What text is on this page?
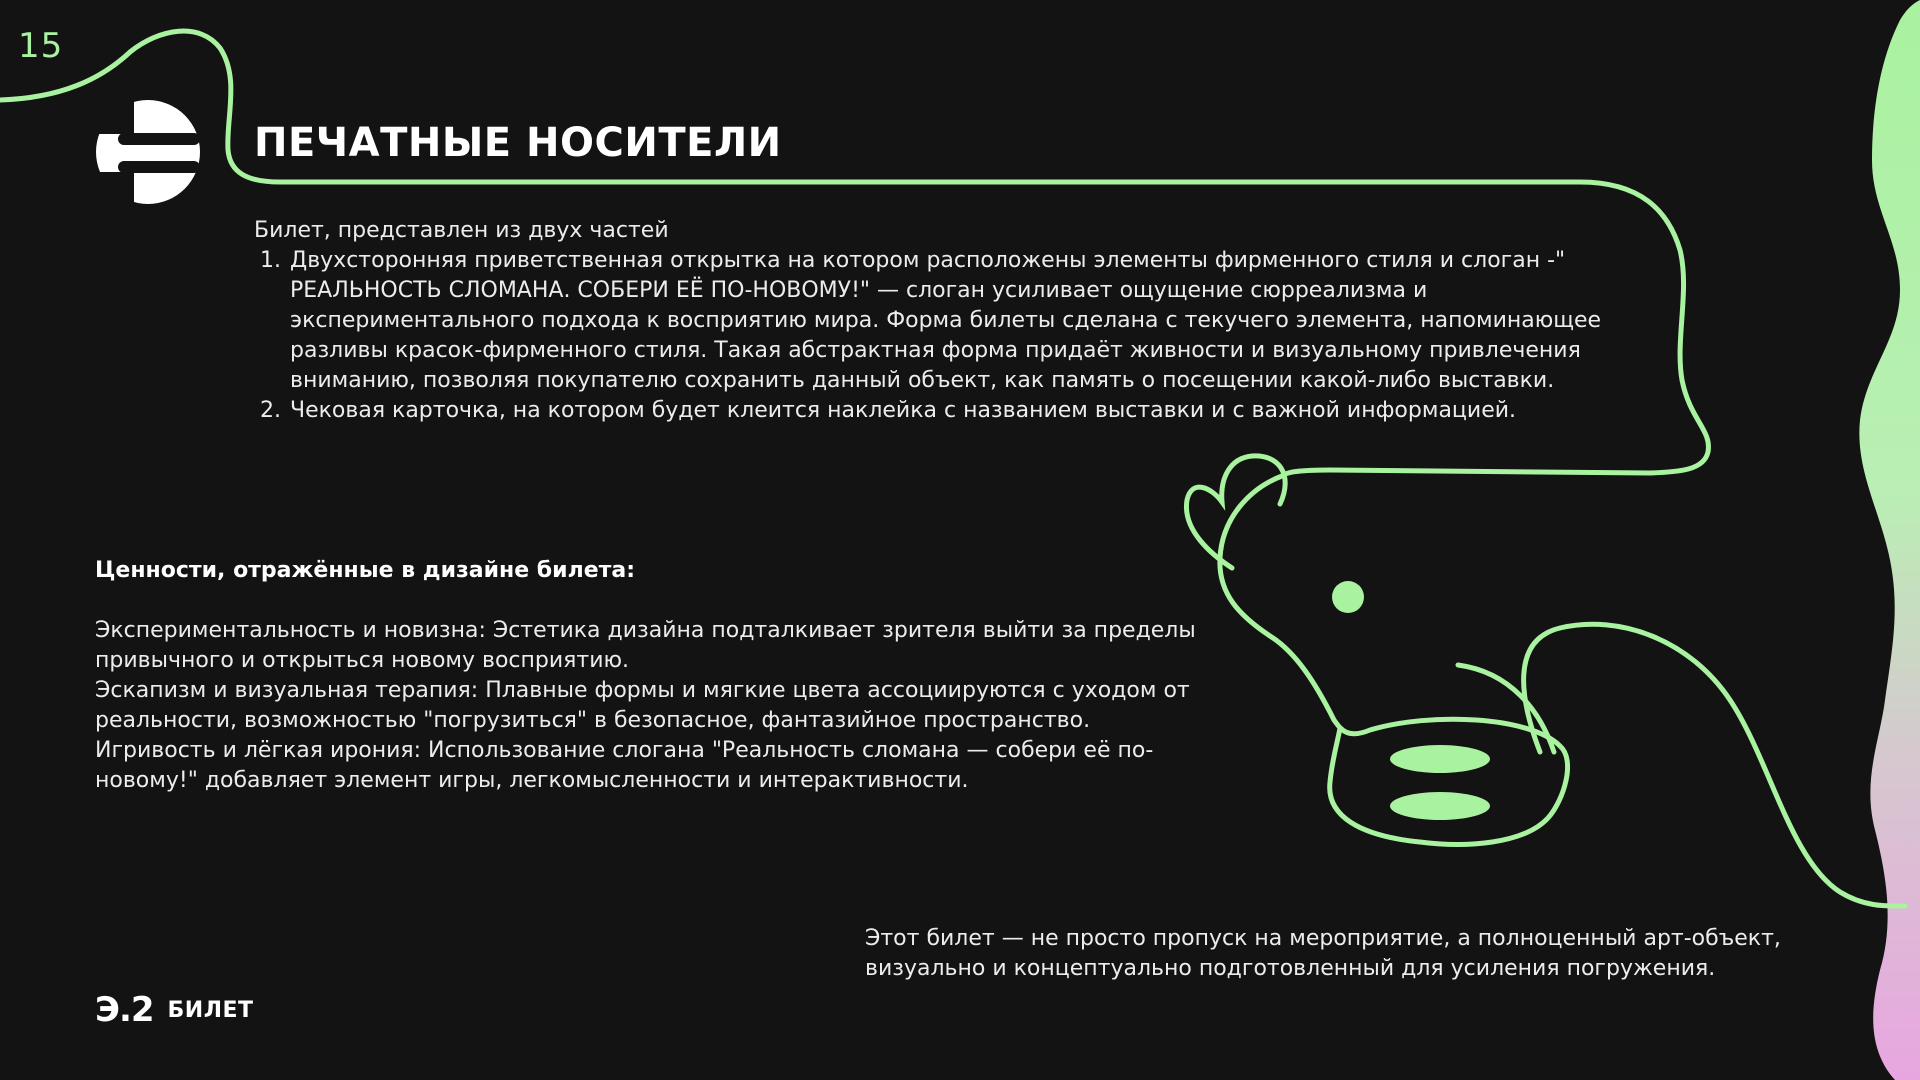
15
ПЕЧАТНЫЕ НОСИТЕЛИ
Билет, представлен из двух частей
1. Двухсторонняя приветственная открытка на котором расположены элементы фирменного стиля и слоган -" РЕАЛЬНОСТЬ СЛОМАНА. СОБЕРИ ЕЁ ПО-НОВОМУ!" — слоган усиливает ощущение сюрреализма и экспериментального подхода к восприятию мира. Форма билеты сделана с текучего элемента, напоминающее разливы красок-фирменного стиля. Такая абстрактная форма придаёт живности и визуальному привлечения вниманию, позволяя покупателю сохранить данный объект, как память о посещении какой-либо выставки.
2. Чековая карточка, на котором будет клеится наклейка с названием выставки и с важной информацией.
Ценности, отражённые в дизайне билета:

Экспериментальность и новизна: Эстетика дизайна подталкивает зрителя выйти за пределы привычного и открыться новому восприятию.

Эскапизм и визуальная терапия: Плавные формы и мягкие цвета ассоциируются с уходом от реальности, возможностью "погрузиться" в безопасное, фантазийное пространство.

Игривость и лёгкая ирония: Использование слогана "Реальность сломана — собери её по-новому!" добавляет элемент игры, легкомысленности и интерактивности.

Этот билет — не просто пропуск на мероприятие, а полноценный арт-объект, визуально и концептуально подготовленный для усиления погружения.
Э.2 БИЛЕТ
